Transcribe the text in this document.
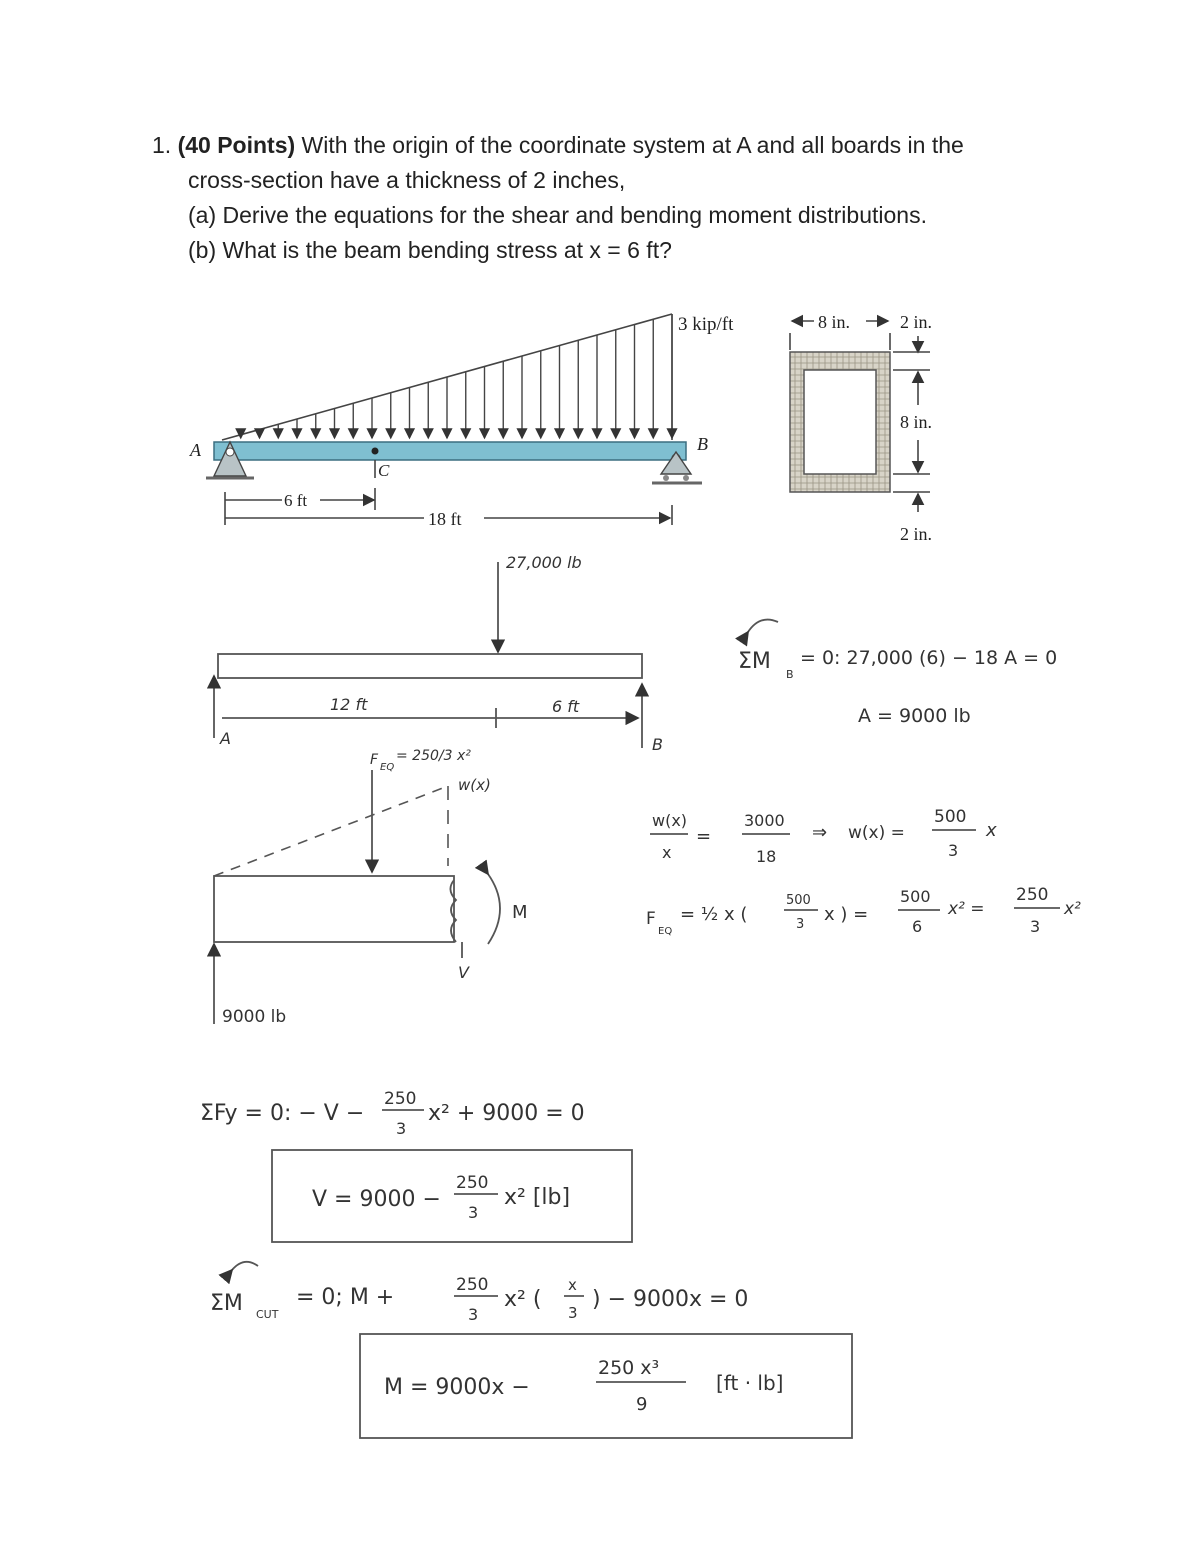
1. (40 Points) With the origin of the coordinate system at A and all boards in the
cross-section have a thickness of 2 inches,
(a) Derive the equations for the shear and bending moment distributions.
(b) What is the beam bending stress at x = 6 ft?
3 kip/ft
C
A	B
6 ft
18 ft
8 in.	2 in.
8 in.
2 in.
27,000 lb
12 ft	6 ft
A	B
ΣM
B
= 0: 27,000 (6) − 18 A = 0
A = 9000 lb
F EQ
= 250/3 x²
w(x)
M
V
9000 lb
w(x)
x
=
3000
18
⇒ w(x) =
500
3
x
F
EQ
= ½ x (
500
3 x ) =
500
6
x² =
250
3
x²
ΣFy = 0: − V −
250
3
x² + 9000 = 0
V = 9000 −
250
3
x² [lb]
ΣM CUT
= 0; M +	250
3
x² (
x
3
) − 9000x = 0
M = 9000x −
250 x³
9
[ft · lb]
